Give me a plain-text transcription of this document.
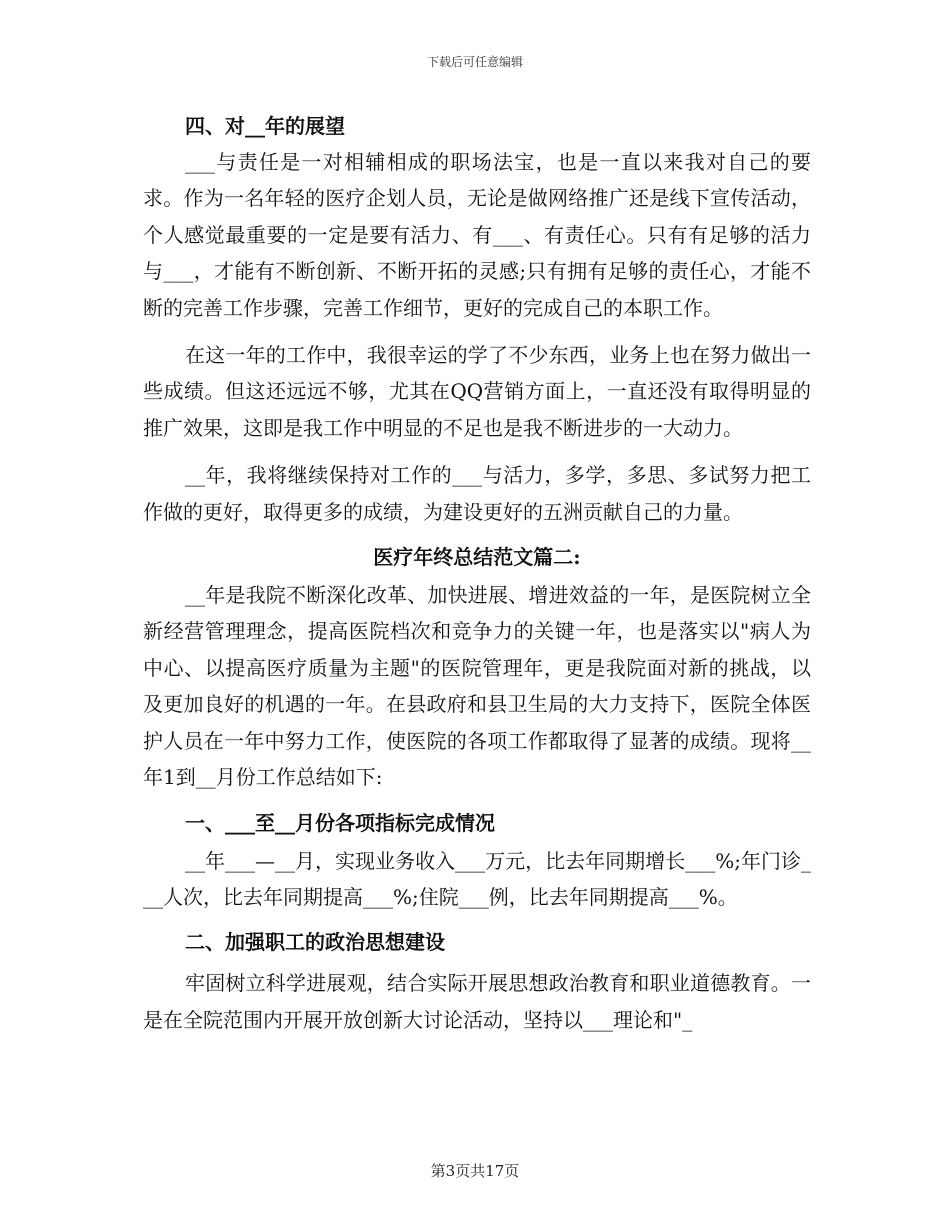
下载后可任意编辑
四、对__年的展望
___与责任是一对相辅相成的职场法宝，也是一直以来我对自己的要求。作为一名年轻的医疗企划人员，无论是做网络推广还是线下宣传活动，个人感觉最重要的一定是要有活力、有___、有责任心。只有有足够的活力与___，才能有不断创新、不断开拓的灵感;只有拥有足够的责任心，才能不断的完善工作步骤，完善工作细节，更好的完成自己的本职工作。
在这一年的工作中，我很幸运的学了不少东西，业务上也在努力做出一些成绩。但这还远远不够，尤其在QQ营销方面上，一直还没有取得明显的推广效果，这即是我工作中明显的不足也是我不断进步的一大动力。
__年，我将继续保持对工作的___与活力，多学，多思、多试努力把工作做的更好，取得更多的成绩，为建设更好的五洲贡献自己的力量。
医疗年终总结范文篇二:
__年是我院不断深化改革、加快进展、增进效益的一年，是医院树立全新经营管理理念，提高医院档次和竞争力的关键一年，也是落实以"病人为中心、以提高医疗质量为主题"的医院管理年，更是我院面对新的挑战，以及更加良好的机遇的一年。在县政府和县卫生局的大力支持下，医院全体医护人员在一年中努力工作，使医院的各项工作都取得了显著的成绩。现将__年1到__月份工作总结如下:
一、___至__月份各项指标完成情况
__年___—__月，实现业务收入___万元，比去年同期增长___%;年门诊___人次，比去年同期提高___%;住院___例，比去年同期提高___%。
二、加强职工的政治思想建设
牢固树立科学进展观，结合实际开展思想政治教育和职业道德教育。一是在全院范围内开展开放创新大讨论活动，坚持以___理论和"_
第3页共17页
